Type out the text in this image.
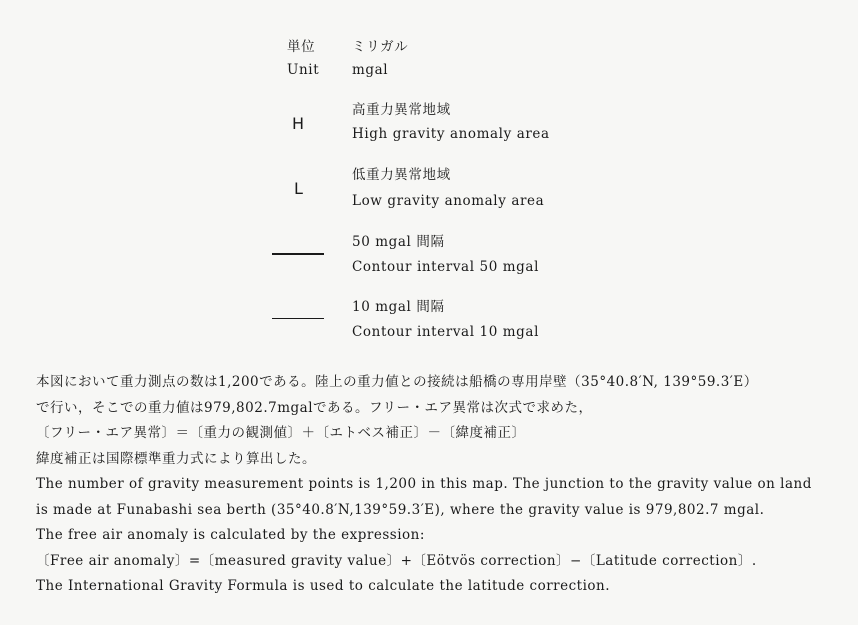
単位	ミリガル
Unit mgal
H
高重力異常地域
High gravity anomaly area
L
低重力異常地域
Low gravity anomaly area
50 mgal 間隔
Contour interval 50 mgal
10 mgal 間隔
Contour interval 10 mgal
本図において重力測点の数は1,200である。陸上の重力値との接続は船橋の専用岸壁（35°40.8′N, 139°59.3′E）
で行い，そこでの重力値は979,802.7mgalである。フリー・エア異常は次式で求めた，
〔フリー・エア異常〕＝〔重力の観測値〕＋〔エトベス補正〕－〔緯度補正〕
緯度補正は国際標準重力式により算出した。
The number of gravity measurement points is 1,200 in this map. The junction to the gravity value on land
is made at Funabashi sea berth (35°40.8′N,139°59.3′E), where the gravity value is 979,802.7 mgal.
The free air anomaly is calculated by the expression:
〔Free air anomaly〕=〔measured gravity value〕+〔Eötvös correction〕−〔Latitude correction〕.
The International Gravity Formula is used to calculate the latitude correction.
